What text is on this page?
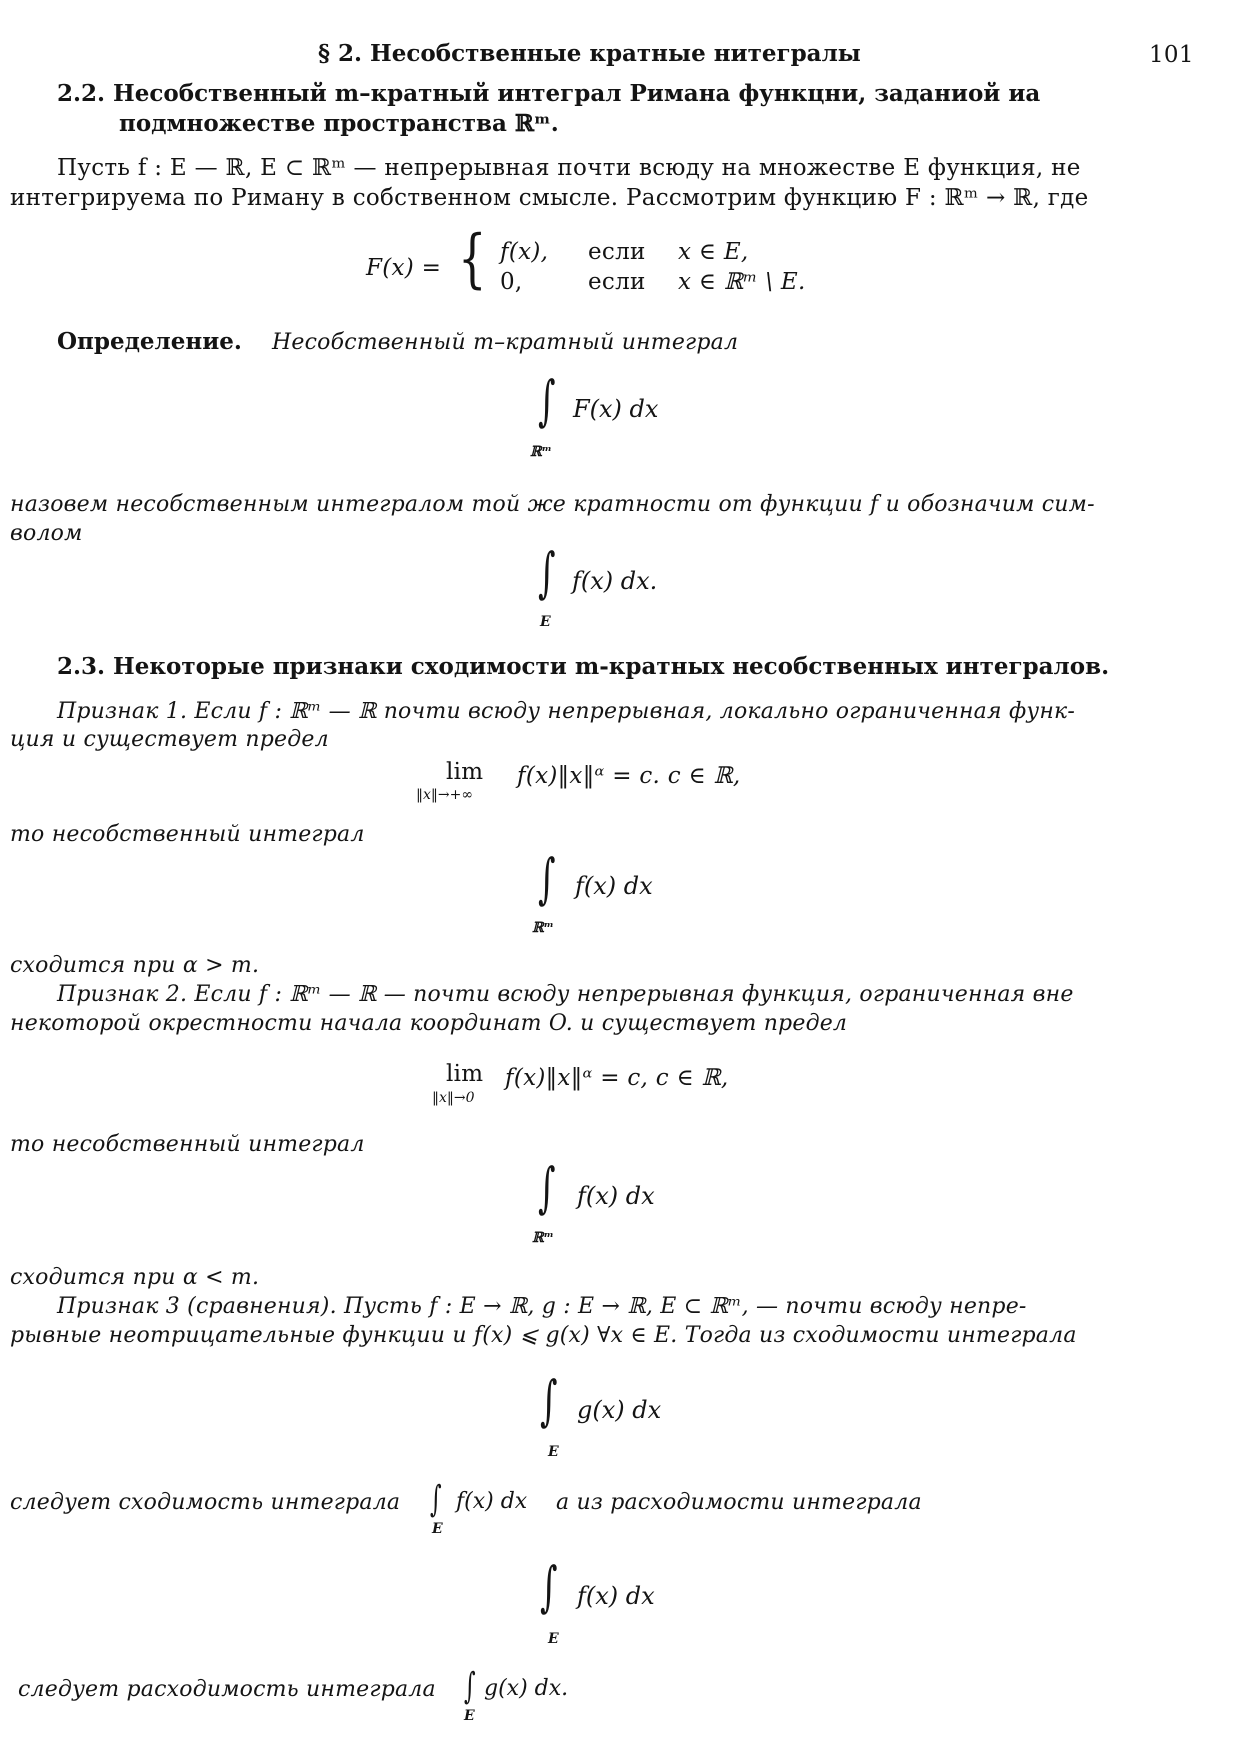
§ 2. Несобственные кратные нитегралы	101
2.2. Несобственный m–кратный интеграл Римана функцни, заданиой иа
подмножестве пространства ℝᵐ.
Пусть f : E — ℝ, E ⊂ ℝᵐ — непрерывная почти всюду на множестве E функция, не
интегрируема по Риману в собственном смысле. Рассмотрим функцию F : ℝᵐ → ℝ, где
F(x) = { f(x), если x ∈ E,
0,	если x ∈ ℝᵐ \ E.
Определение. Несобственный m–кратный интеграл
∫ F(x) dx
ℝᵐ
назовем несобственным интегралом той же кратности от функции f и обозначим сим-
волом
∫ f(x) dx.
E
2.3. Некоторые признаки сходимости m-кратных несобственных интегралов.
Признак 1. Если f : ℝᵐ — ℝ почти всюду непрерывная, локально ограниченная функ-
ция и существует предел
lim
‖x‖→+∞
f(x)‖x‖ᵅ = c. c ∈ ℝ,
то несобственный интеграл
∫ f(x) dx
ℝᵐ
сходится при α > m.
Признак 2. Если f : ℝᵐ — ℝ — почти всюду непрерывная функция, ограниченная вне
некоторой окрестности начала координат O. и существует предел
lim
‖x‖→0
f(x)‖x‖ᵅ = c, c ∈ ℝ,
то несобственный интеграл
∫ f(x) dx
ℝᵐ
сходится при α < m.
Признак 3 (сравнения). Пусть f : E → ℝ, g : E → ℝ, E ⊂ ℝᵐ, — почти всюду непре-
рывные неотрицательные функции и f(x) ⩽ g(x) ∀x ∈ E. Тогда из сходимости интеграла
∫ g(x) dx
E
следует сходимость интеграла ∫ f(x) dx
E
а из расходимости интеграла
∫ f(x) dx
E
следует расходимость интеграла ∫ g(x) dx.
E
